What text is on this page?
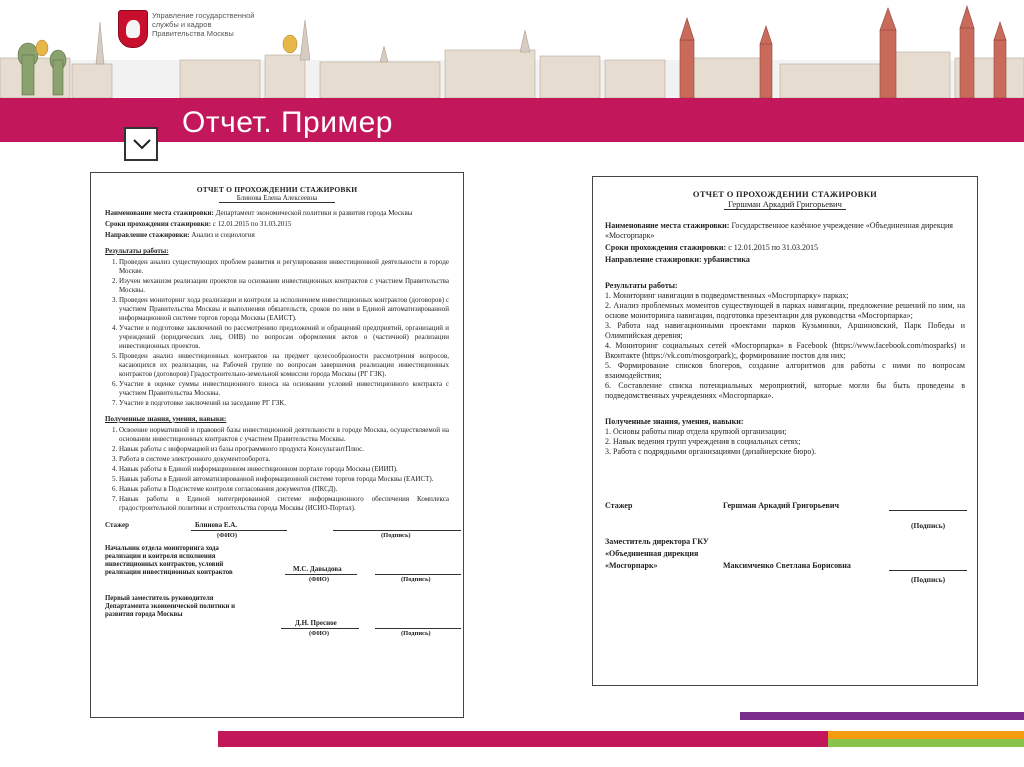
Управление государственной
службы и кадров
Правительства Москвы
Отчет. Пример
ОТЧЕТ О ПРОХОЖДЕНИИ СТАЖИРОВКИ
Блинова Елена Алексеевна
Наименование места стажировки: Департамент экономической политики и развития города Москвы
Сроки прохождения стажировки: с 12.01.2015 по 31.03.2015
Направление стажировки: Анализ и социология
Результаты работы:
1. Проведен анализ существующих проблем развития и регулирования инвестиционной деятельности в городе Москве.
2. Изучен механизм реализации проектов на основании инвестиционных контрактов с участием Правительства Москвы.
3. Проведен мониторинг хода реализации и контроля за исполнением инвестиционных контрактов (договоров) с участием Правительства Москвы и выполнения обязательств, сроков по ним в Единой автоматизированной информационной системе торгов города Москвы (ЕАИСТ).
4. Участие в подготовке заключений по рассмотрению предложений и обращений предприятий, организаций и учреждений (юридических лиц, ОИВ) по вопросам оформления актов о (частичной) реализации инвестиционных проектов.
5. Проведен анализ инвестиционных контрактов на предмет целесообразности рассмотрения вопросов, касающихся их реализации, на Рабочей группе по вопросам завершения реализации инвестиционных контрактов (договоров) Градостроительно-земельной комиссии города Москвы (РГ ГЗК).
6. Участие в оценке суммы инвестиционного взноса на основании условий инвестиционного контракта с участием Правительства Москвы.
7. Участие в подготовке заключений на заседание РГ ГЗК.
Полученные знания, умения, навыки:
1. Освоение нормативной и правовой базы инвестиционной деятельности в городе Москва, осуществляемой на основании инвестиционных контрактов с участием Правительства Москвы.
2. Навык работы с информацией из базы программного продукта КонсультантПлюс.
3. Работа в системе электронного документооборота.
4. Навык работы в Единой информационном инвестиционном портале города Москвы (ЕИИП).
5. Навык работы в Единой автоматизированной информационной системе торгов города Москвы (ЕАИСТ).
6. Навык работы в Подсистеме контроля согласования документов (ПКСД).
7. Навык работы в Единой интегрированной системе информационного обеспечения Комплекса градостроительной политики и строительства города Москвы (ИСИО-Портал).
Стажер	Блинова Е.А.
(ФИО)	(Подпись)
Начальник отдела мониторинга хода реализации и контроля исполнения инвестиционных контрактов, условий реализации инвестиционных контрактов	М.С. Давыдова
(ФИО)	(Подпись)
Первый заместитель руководителя Департамента экономической политики и развития города Москвы
Д.Н. Пресное
(ФИО)	(Подпись)
ОТЧЕТ О ПРОХОЖДЕНИИ СТАЖИРОВКИ
Гершман Аркадий Григорьевич
Наименование места стажировки: Государственное казённое учреждение «Объединенная дирекция «Мосгорпарк»
Сроки прохождения стажировки: с 12.01.2015 по 31.03.2015
Направление стажировки: урбанистика
Результаты работы:
1. Мониторинг навигации в подведомственных «Мосгорпарку» парках;
2. Анализ проблемных моментов существующей в парках навигации, предложение решений по ним, на основе мониторинга навигации, подготовка презентации для руководства «Мосгорпарка»;
3. Работа над навигационными проектами парков Кузьминки, Аршиновский, Парк Победы и Олимпийская деревня;
4. Мониторинг социальных сетей «Мосгорпарка» в Facebook (https://www.facebook.com/mosparks) и Вконтакте (https://vk.com/mosgorpark);, формирование постов для них;
5. Формирование списков блогеров, создание алгоритмов для работы с ними по вопросам взаимодействия;
6. Составление списка потенциальных мероприятий, которые могли бы быть проведены в подведомственных учреждениях «Мосгорпарка».
Полученные знания, умения, навыки:
1. Основы работы пиар отдела крупной организации;
2. Навык ведения групп учреждения в социальных сетях;
3. Работа с подрядными организациями (дизайнерские бюро).
Стажер	Гершман Аркадий Григорьевич
(Подпись)
Заместитель директора ГКУ
«Объединенная дирекция
«Мосгорпарк»	Максимченко Светлана Борисовна
(Подпись)
